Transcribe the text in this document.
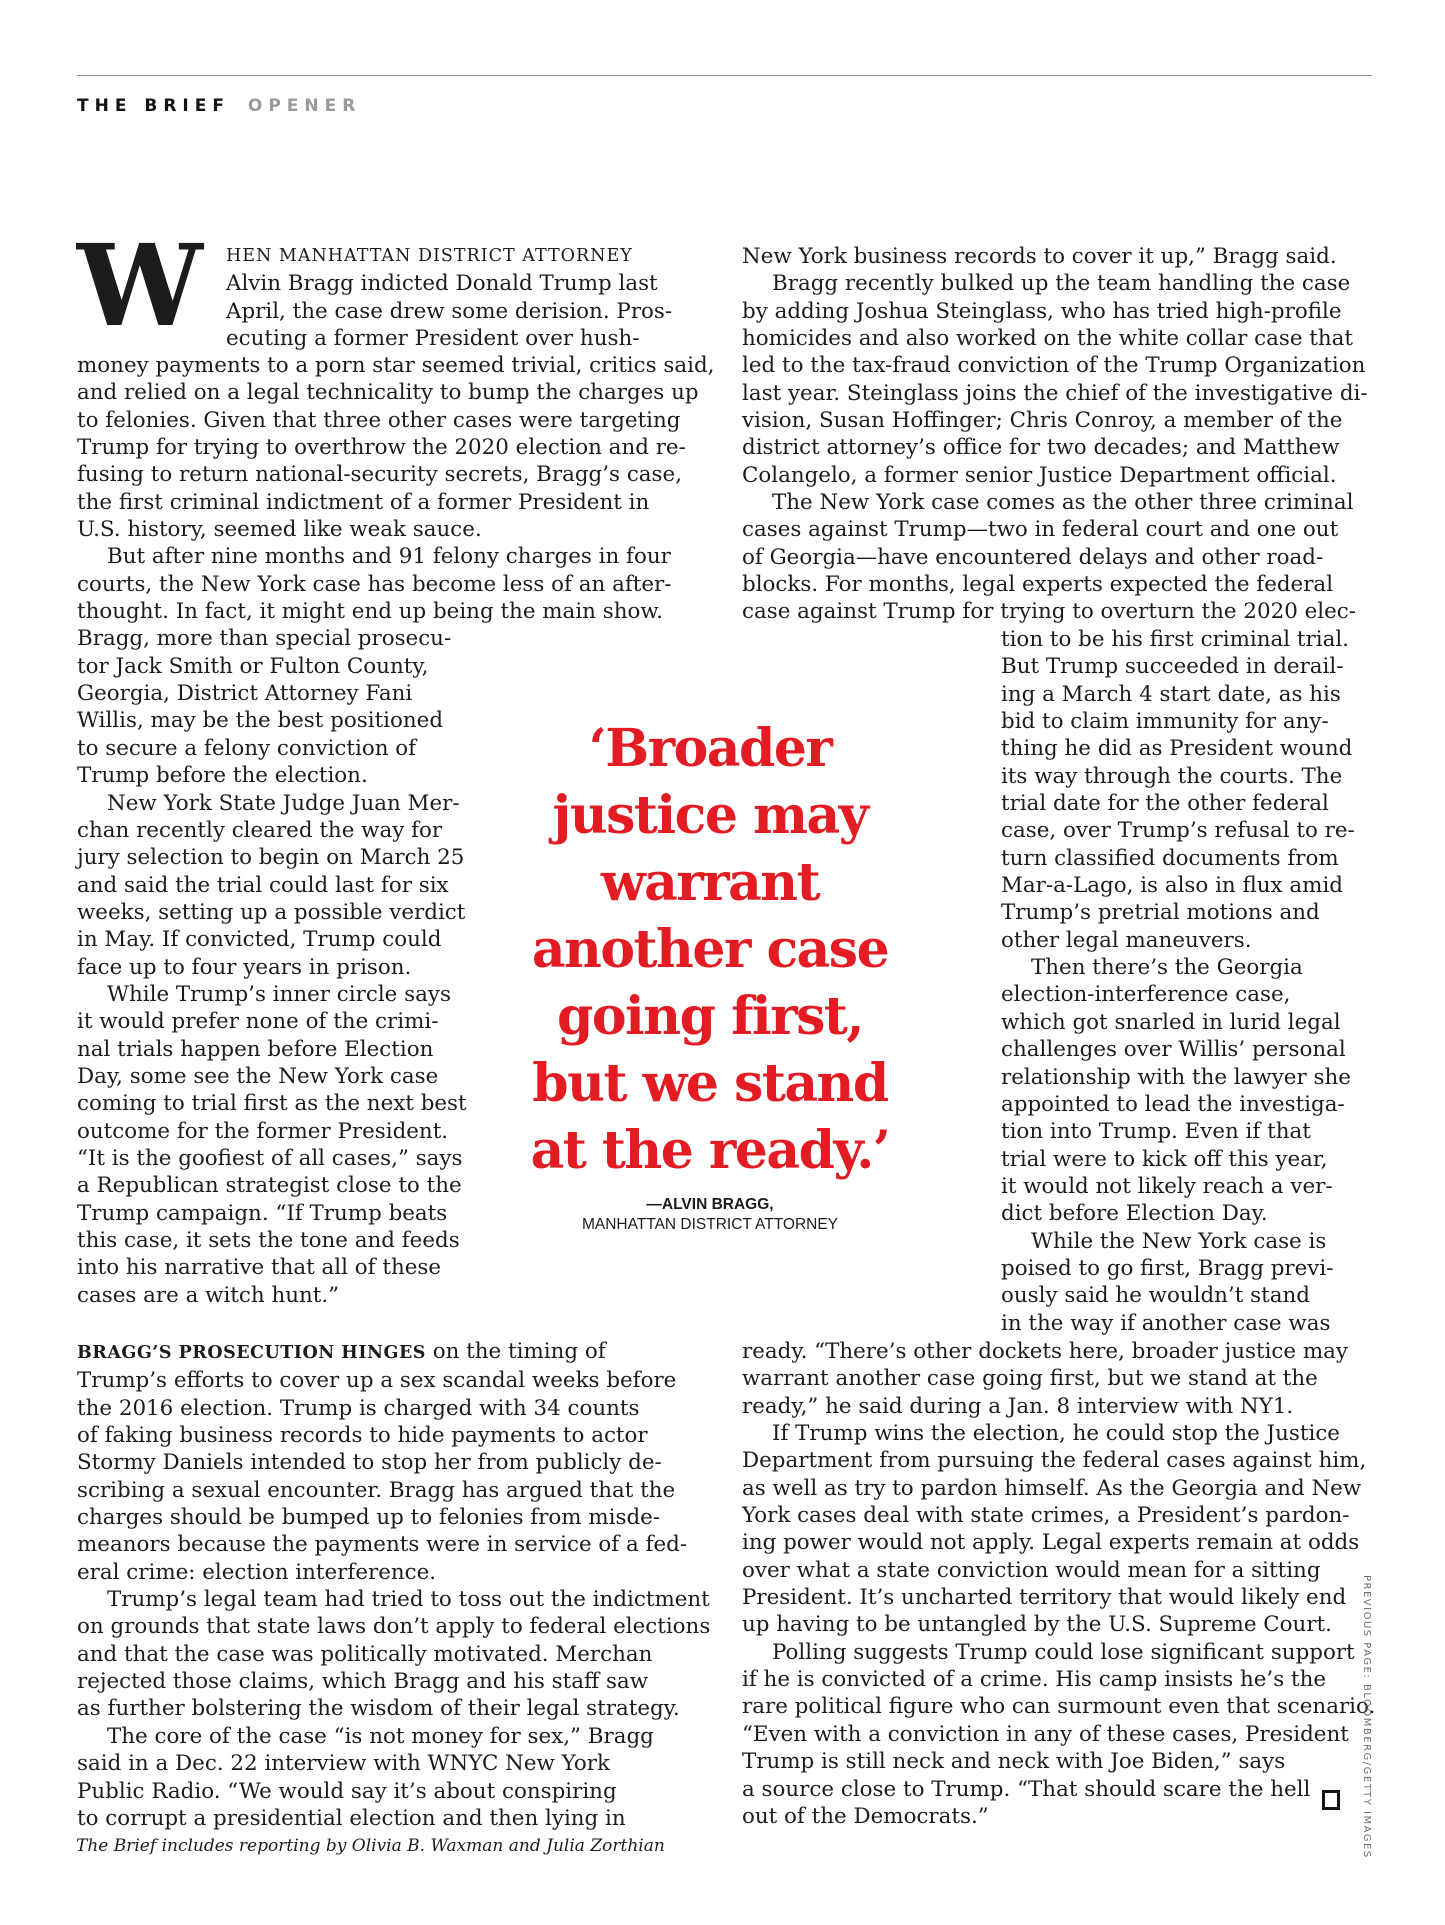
THE BRIEF OPENER
W HEN MANHATTAN DISTRICT ATTORNEY
Alvin Bragg indicted Donald Trump last
April, the case drew some derision. Pros-
ecuting a former President over hush-

money payments to a porn star seemed trivial, critics said,
and relied on a legal technicality to bump the charges up
to felonies. Given that three other cases were targeting
Trump for trying to overthrow the 2020 election and re-
fusing to return national-security secrets, Bragg’s case,
the first criminal indictment of a former President in
U.S. history, seemed like weak sauce.

But after nine months and 91 felony charges in four
courts, the New York case has become less of an after-
thought. In fact, it might end up being the main show.
Bragg, more than special prosecu-
tor Jack Smith or Fulton County,
Georgia, District Attorney Fani
Willis, may be the best positioned
to secure a felony conviction of
Trump before the election.

New York State Judge Juan Mer-
chan recently cleared the way for
jury selection to begin on March 25
and said the trial could last for six
weeks, setting up a possible verdict
in May. If convicted, Trump could
face up to four years in prison.

While Trump’s inner circle says
it would prefer none of the crimi-
nal trials happen before Election
Day, some see the New York case
coming to trial first as the next best
outcome for the former President.
“It is the goofiest of all cases,” says
a Republican strategist close to the
Trump campaign. “If Trump beats
this case, it sets the tone and feeds
into his narrative that all of these
cases are a witch hunt.”

BRAGG’S PROSECUTION HINGES on the timing of
Trump’s efforts to cover up a sex scandal weeks before
the 2016 election. Trump is charged with 34 counts
of faking business records to hide payments to actor
Stormy Daniels intended to stop her from publicly de-
scribing a sexual encounter. Bragg has argued that the
charges should be bumped up to felonies from misde-
meanors because the payments were in service of a fed-
eral crime: election interference.

Trump’s legal team had tried to toss out the indictment
on grounds that state laws don’t apply to federal elections
and that the case was politically motivated. Merchan
rejected those claims, which Bragg and his staff saw
as further bolstering the wisdom of their legal strategy.

The core of the case “is not money for sex,” Bragg
said in a Dec. 22 interview with WNYC New York
Public Radio. “We would say it’s about conspiring
to corrupt a presidential election and then lying in

New York business records to cover it up,” Bragg said.

Bragg recently bulked up the team handling the case
by adding Joshua Steinglass, who has tried high-profile
homicides and also worked on the white collar case that
led to the tax-fraud conviction of the Trump Organization
last year. Steinglass joins the chief of the investigative di-
vision, Susan Hoffinger; Chris Conroy, a member of the
district attorney’s office for two decades; and Matthew
Colangelo, a former senior Justice Department official.

The New York case comes as the other three criminal
cases against Trump—two in federal court and one out
of Georgia—have encountered delays and other road-
blocks. For months, legal experts expected the federal
case against Trump for trying to overturn the 2020 elec-

tion to be his first criminal trial.
But Trump succeeded in derail-
ing a March 4 start date, as his
bid to claim immunity for any-
thing he did as President wound
its way through the courts. The
trial date for the other federal
case, over Trump’s refusal to re-
turn classified documents from
Mar-a-Lago, is also in flux amid
Trump’s pretrial motions and
other legal maneuvers.

Then there’s the Georgia
election-interference case,
which got snarled in lurid legal
challenges over Willis’ personal
relationship with the lawyer she
appointed to lead the investiga-
tion into Trump. Even if that
trial were to kick off this year,
it would not likely reach a ver-
dict before Election Day.

While the New York case is
poised to go first, Bragg previ-
ously said he wouldn’t stand
in the way if another case was

ready. “There’s other dockets here, broader justice may
warrant another case going first, but we stand at the
ready,” he said during a Jan. 8 interview with NY1.

If Trump wins the election, he could stop the Justice
Department from pursuing the federal cases against him,
as well as try to pardon himself. As the Georgia and New
York cases deal with state crimes, a President’s pardon-
ing power would not apply. Legal experts remain at odds
over what a state conviction would mean for a sitting
President. It’s uncharted territory that would likely end
up having to be untangled by the U.S. Supreme Court.

Polling suggests Trump could lose significant support
if he is convicted of a crime. His camp insists he’s the
rare political figure who can surmount even that scenario.
“Even with a conviction in any of these cases, President
Trump is still neck and neck with Joe Biden,” says
a source close to Trump. “That should scare the hell
out of the Democrats.”

‘Broader
justice may
warrant
another case
going first,
but we stand
at the ready.’
—ALVIN BRAGG,
MANHATTAN DISTRICT ATTORNEY
The Brief includes reporting by Olivia B. Waxman and Julia Zorthian	PREVIOUS PAGE: BLOOMBERG/GETTY IMAGES
